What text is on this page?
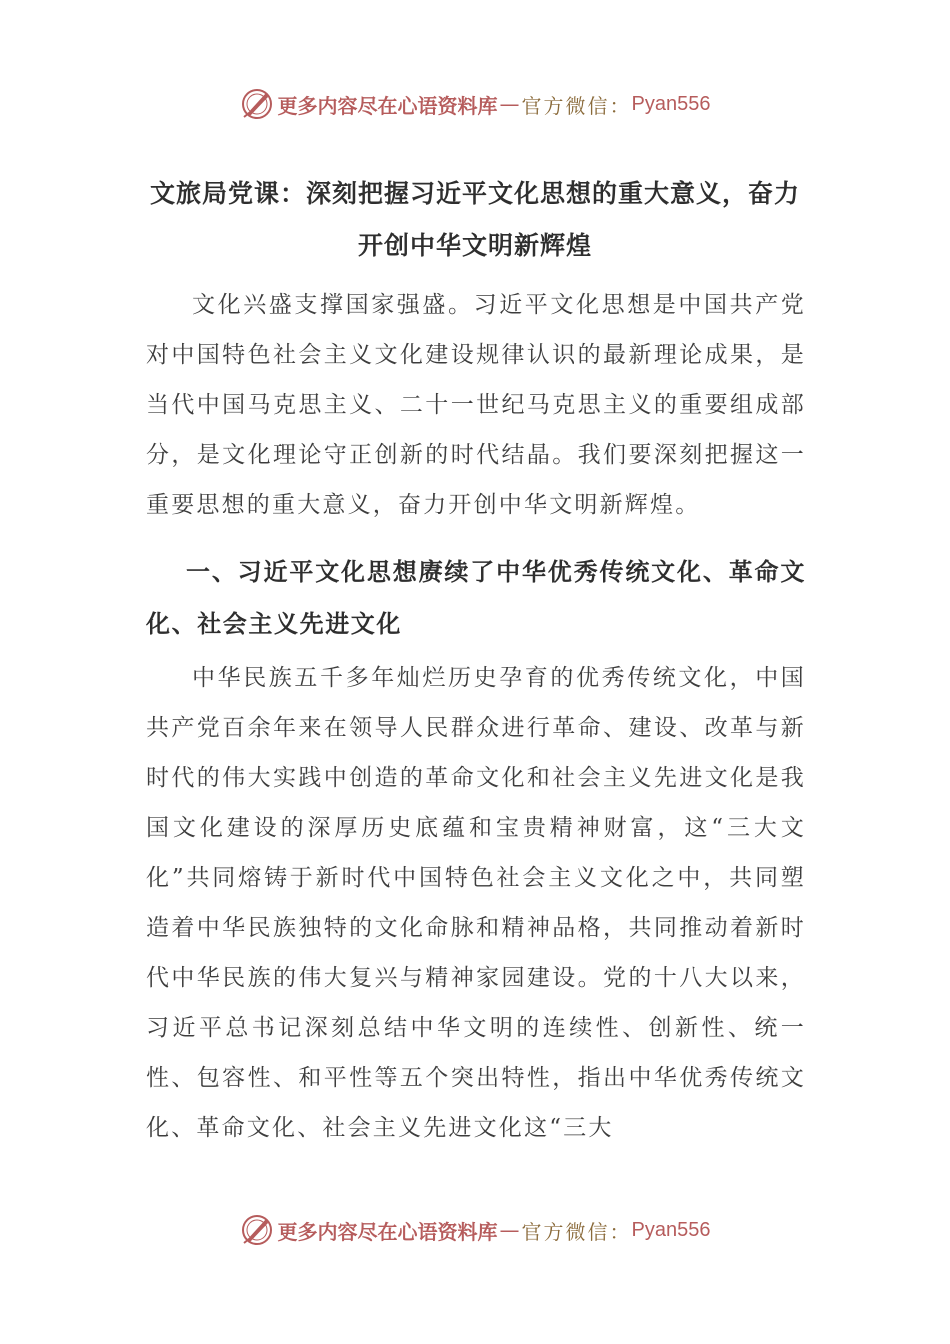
更多内容尽在心语资料库 — 官方微信： Pyan556
文旅局党课：深刻把握习近平文化思想的重大意义，奋力开创中华文明新辉煌

文化兴盛支撑国家强盛。习近平文化思想是中国共产党对中国特色社会主义文化建设规律认识的最新理论成果，是当代中国马克思主义、二十一世纪马克思主义的重要组成部分，是文化理论守正创新的时代结晶。我们要深刻把握这一重要思想的重大意义，奋力开创中华文明新辉煌。

一、习近平文化思想赓续了中华优秀传统文化、革命文化、社会主义先进文化

中华民族五千多年灿烂历史孕育的优秀传统文化，中国共产党百余年来在领导人民群众进行革命、建设、改革与新时代的伟大实践中创造的革命文化和社会主义先进文化是我国文化建设的深厚历史底蕴和宝贵精神财富，这“三大文化”共同熔铸于新时代中国特色社会主义文化之中，共同塑造着中华民族独特的文化命脉和精神品格，共同推动着新时代中华民族的伟大复兴与精神家园建设。党的十八大以来，习近平总书记深刻总结中华文明的连续性、创新性、统一性、包容性、和平性等五个突出特性，指出中华优秀传统文化、革命文化、社会主义先进文化这“三大

更多内容尽在心语资料库 — 官方微信： Pyan556
